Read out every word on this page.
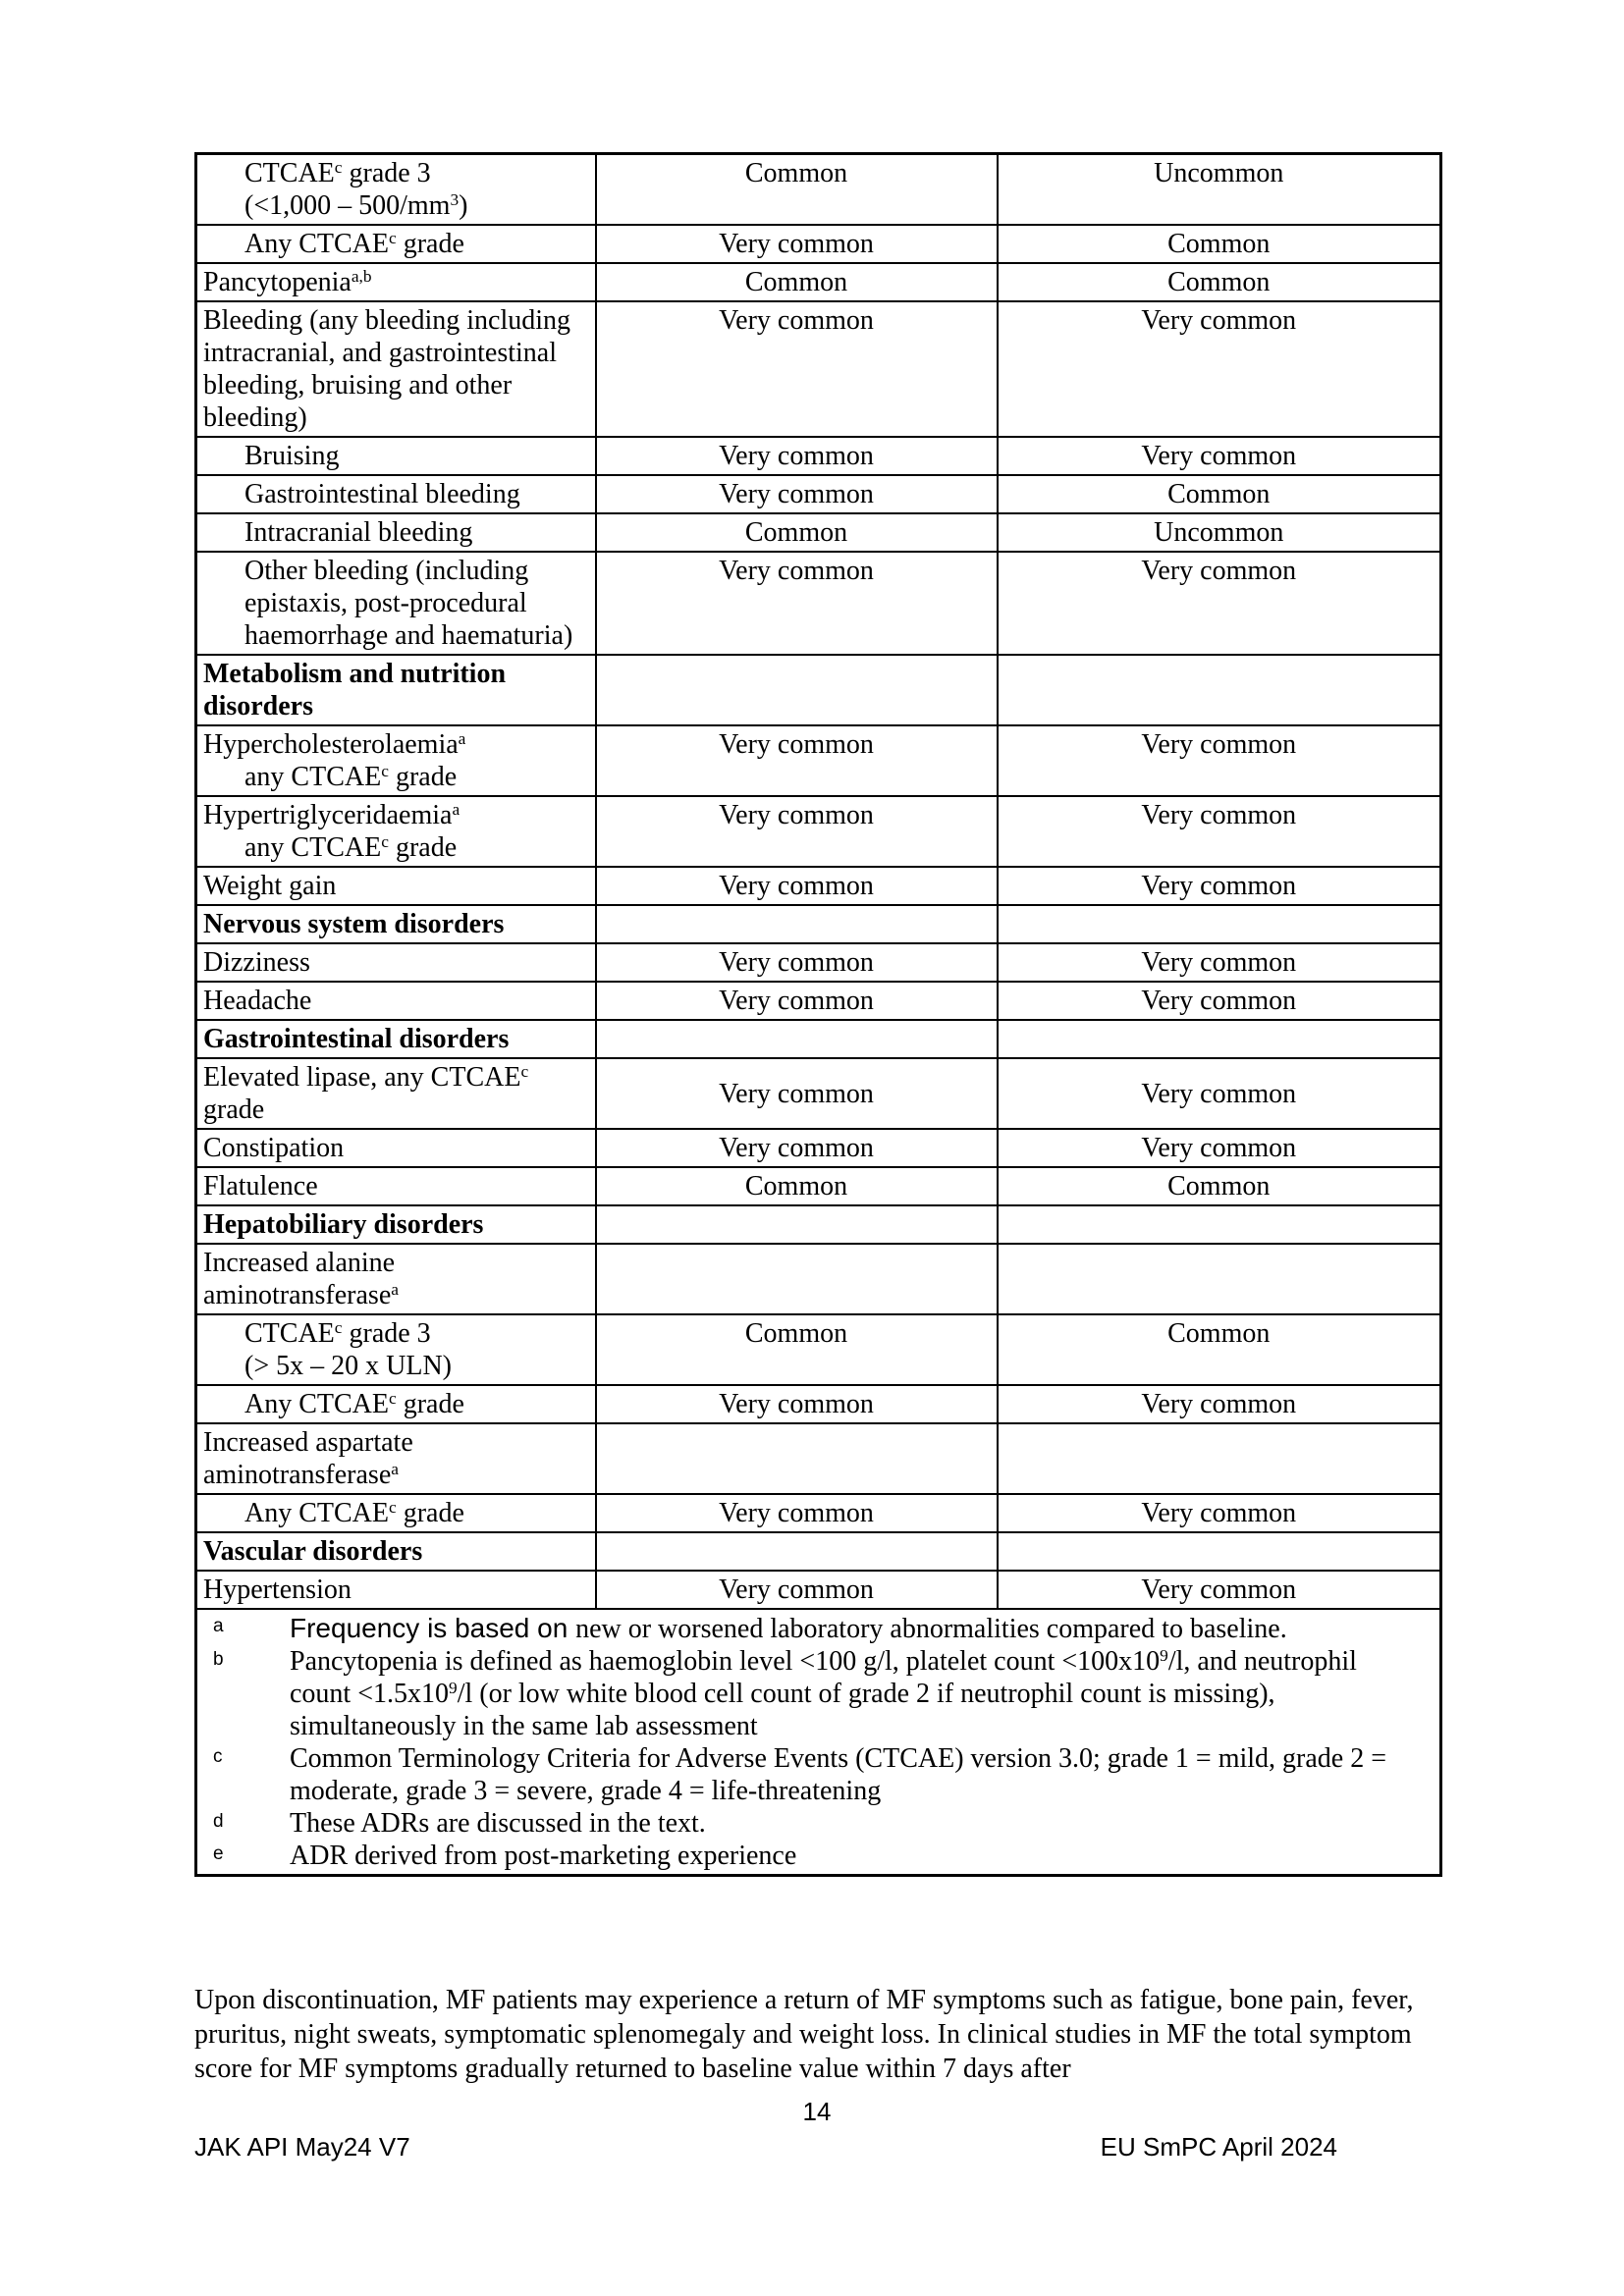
CTCAE$^c$ grade 3
$(<1,000 - 500/mm^3)$	Common	Uncommon

Any CTCAE$^c$ grade	Very common	Common

Pancytopenia$^{a,b}$	Common	Common

Bleeding (any bleeding including intracranial, and gastrointestinal bleeding, bruising and other bleeding)	Very common	Very common

Bruising	Very common	Very common

Gastrointestinal bleeding	Very common	Common

Intracranial bleeding	Common	Uncommon

Other bleeding (including epistaxis, post-procedural haemorrhage and haematuria)	Very common	Very common

Metabolism and nutrition disorders		

Hypercholesterolaemia$^a$
any CTCAE$^c$ grade	Very common	Very common

Hypertriglyceridaemia$^a$
any CTCAE$^c$ grade	Very common	Very common

Weight gain	Very common	Very common

Nervous system disorders		

Dizziness	Very common	Very common

Headache	Very common	Very common

Gastrointestinal disorders		

Elevated lipase, any CTCAE$^c$ grade	Very common	Very common

Constipation	Very common	Very common

Flatulence	Common	Common

Hepatobiliary disorders		

Increased alanine aminotransferase$^a$

CTCAE$^c$ grade 3
(> 5x – 20 x ULN)	Common	Common

Any CTCAE$^c$ grade	Very common	Very common

Increased aspartate aminotransferase$^a$

Any CTCAE$^c$ grade	Very common	Very common

Vascular disorders		

Hypertension	Very common	Very common

a Frequency is based on new or worsened laboratory abnormalities compared to baseline.
b Pancytopenia is defined as haemoglobin level <100 g/l, platelet count $<100x10^9/l$, and neutrophil count $<1.5x10^9/l$ (or low white blood cell count of grade 2 if neutrophil count is missing), simultaneously in the same lab assessment
c Common Terminology Criteria for Adverse Events (CTCAE) version 3.0; grade 1 = mild, grade 2 = moderate, grade 3 = severe, grade 4 = life-threatening
d These ADRs are discussed in the text.
e ADR derived from post-marketing experience

Upon discontinuation, MF patients may experience a return of MF symptoms such as fatigue, bone pain, fever, pruritus, night sweats, symptomatic splenomegaly and weight loss. In clinical studies in MF the total symptom score for MF symptoms gradually returned to baseline value within 7 days after

14
JAK API May24 V7	EU SmPC April 2024
